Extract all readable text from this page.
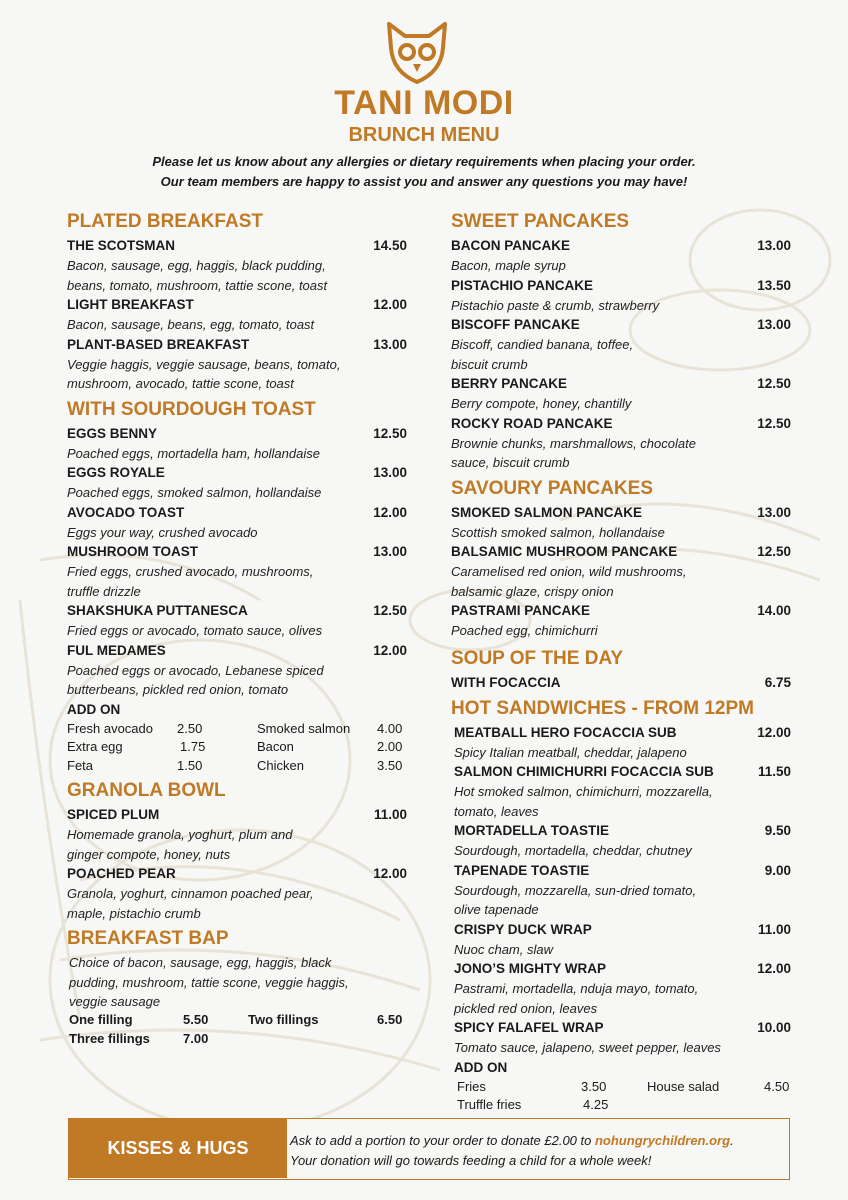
TANI MODI
BRUNCH MENU
Please let us know about any allergies or dietary requirements when placing your order.
Our team members are happy to assist you and answer any questions you may have!
PLATED BREAKFAST
THE SCOTSMAN	14.50
Bacon, sausage, egg, haggis, black pudding,
beans, tomato, mushroom, tattie scone, toast
LIGHT BREAKFAST	12.00
Bacon, sausage, beans, egg, tomato, toast
PLANT-BASED BREAKFAST	13.00
Veggie haggis, veggie sausage, beans, tomato,
mushroom, avocado, tattie scone, toast
WITH SOURDOUGH TOAST
EGGS BENNY	12.50
Poached eggs, mortadella ham, hollandaise
EGGS ROYALE	13.00
Poached eggs, smoked salmon, hollandaise
AVOCADO TOAST	12.00
Eggs your way, crushed avocado
MUSHROOM TOAST	13.00
Fried eggs, crushed avocado, mushrooms,
truffle drizzle
SHAKSHUKA PUTTANESCA	12.50
Fried eggs or avocado, tomato sauce, olives
FUL MEDAMES	12.00
Poached eggs or avocado, Lebanese spiced
butterbeans, pickled red onion, tomato
ADD ON
Fresh avocado 2.50	Smoked salmon 4.00
Extra egg	1.75	Bacon	2.00
Feta	1.50	Chicken	3.50
GRANOLA BOWL
SPICED PLUM	11.00
Homemade granola, yoghurt, plum and
ginger compote, honey, nuts
POACHED PEAR	12.00
Granola, yoghurt, cinnamon poached pear,
maple, pistachio crumb
BREAKFAST BAP
Choice of bacon, sausage, egg, haggis, black
pudding, mushroom, tattie scone, veggie haggis,
veggie sausage
One filling	5.50	Two fillings	6.50
Three fillings	7.00
SWEET PANCAKES
BACON PANCAKE	13.00
Bacon, maple syrup
PISTACHIO PANCAKE	13.50
Pistachio paste & crumb, strawberry
BISCOFF PANCAKE	13.00
Biscoff, candied banana, toffee,
biscuit crumb
BERRY PANCAKE	12.50
Berry compote, honey, chantilly
ROCKY ROAD PANCAKE	12.50
Brownie chunks, marshmallows, chocolate
sauce, biscuit crumb
SAVOURY PANCAKES
SMOKED SALMON PANCAKE	13.00
Scottish smoked salmon, hollandaise
BALSAMIC MUSHROOM PANCAKE	12.50
Caramelised red onion, wild mushrooms,
balsamic glaze, crispy onion
PASTRAMI PANCAKE	14.00
Poached egg, chimichurri
SOUP OF THE DAY
WITH FOCACCIA	6.75
HOT SANDWICHES - FROM 12PM
MEATBALL HERO FOCACCIA SUB	12.00
Spicy Italian meatball, cheddar, jalapeno
SALMON CHIMICHURRI FOCACCIA SUB	11.50
Hot smoked salmon, chimichurri, mozzarella,
tomato, leaves
MORTADELLA TOASTIE	9.50
Sourdough, mortadella, cheddar, chutney
TAPENADE TOASTIE	9.00
Sourdough, mozzarella, sun-dried tomato,
olive tapenade
CRISPY DUCK WRAP	11.00
Nuoc cham, slaw
JONO’S MIGHTY WRAP	12.00
Pastrami, mortadella, nduja mayo, tomato,
pickled red onion, leaves
SPICY FALAFEL WRAP	10.00
Tomato sauce, jalapeno, sweet pepper, leaves
ADD ON
Fries	3.50	House salad	4.50
Truffle fries	4.25
KISSES & HUGS	Ask to add a portion to your order to donate £2.00 to nohungrychildren.org.
Your donation will go towards feeding a child for a whole week!
